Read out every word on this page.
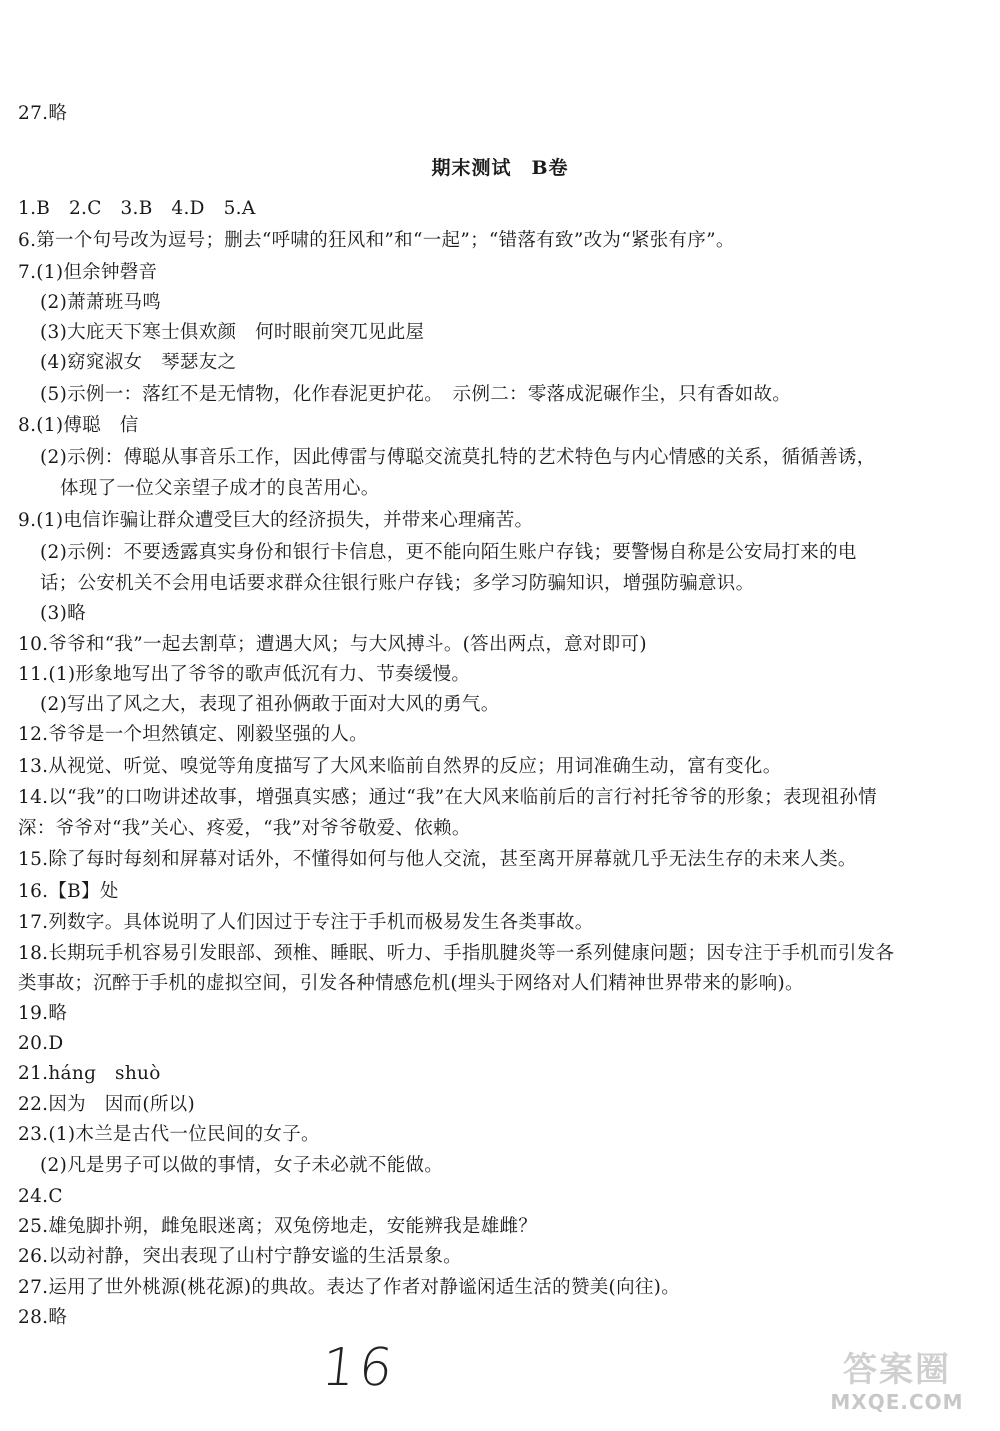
27.略
期末测试　B卷
1.B　2.C　3.B　4.D　5.A
6.第一个句号改为逗号；删去“呼啸的狂风和”和“一起”；“错落有致”改为“紧张有序”。
7.(1)但余钟磬音
(2)萧萧班马鸣
(3)大庇天下寒士俱欢颜　何时眼前突兀见此屋
(4)窈窕淑女　琴瑟友之
(5)示例一：落红不是无情物，化作春泥更护花。　示例二：零落成泥碾作尘，只有香如故。
8.(1)傅聪　信
(2)示例：傅聪从事音乐工作，因此傅雷与傅聪交流莫扎特的艺术特色与内心情感的关系，循循善诱，
体现了一位父亲望子成才的良苦用心。
9.(1)电信诈骗让群众遭受巨大的经济损失，并带来心理痛苦。
(2)示例：不要透露真实身份和银行卡信息，更不能向陌生账户存钱；要警惕自称是公安局打来的电
话；公安机关不会用电话要求群众往银行账户存钱；多学习防骗知识，增强防骗意识。
(3)略
10.爷爷和“我”一起去割草；遭遇大风；与大风搏斗。(答出两点，意对即可)
11.(1)形象地写出了爷爷的歌声低沉有力、节奏缓慢。
(2)写出了风之大，表现了祖孙俩敢于面对大风的勇气。
12.爷爷是一个坦然镇定、刚毅坚强的人。
13.从视觉、听觉、嗅觉等角度描写了大风来临前自然界的反应；用词准确生动，富有变化。
14.以“我”的口吻讲述故事，增强真实感；通过“我”在大风来临前后的言行衬托爷爷的形象；表现祖孙情
深：爷爷对“我”关心、疼爱，“我”对爷爷敬爱、依赖。
15.除了每时每刻和屏幕对话外，不懂得如何与他人交流，甚至离开屏幕就几乎无法生存的未来人类。
16.【B】处
17.列数字。具体说明了人们因过于专注于手机而极易发生各类事故。
18.长期玩手机容易引发眼部、颈椎、睡眠、听力、手指肌腱炎等一系列健康问题；因专注于手机而引发各
类事故；沉醉于手机的虚拟空间，引发各种情感危机(埋头于网络对人们精神世界带来的影响)。
19.略
20.D
21.hánɡ　shuò
22.因为　因而(所以)
23.(1)木兰是古代一位民间的女子。
(2)凡是男子可以做的事情，女子未必就不能做。
24.C
25.雄兔脚扑朔，雌兔眼迷离；双兔傍地走，安能辨我是雄雌？
26.以动衬静，突出表现了山村宁静安谧的生活景象。
27.运用了世外桃源(桃花源)的典故。表达了作者对静谧闲适生活的赞美(向往)。
28.略
16	答案圈
MXQE.COM
